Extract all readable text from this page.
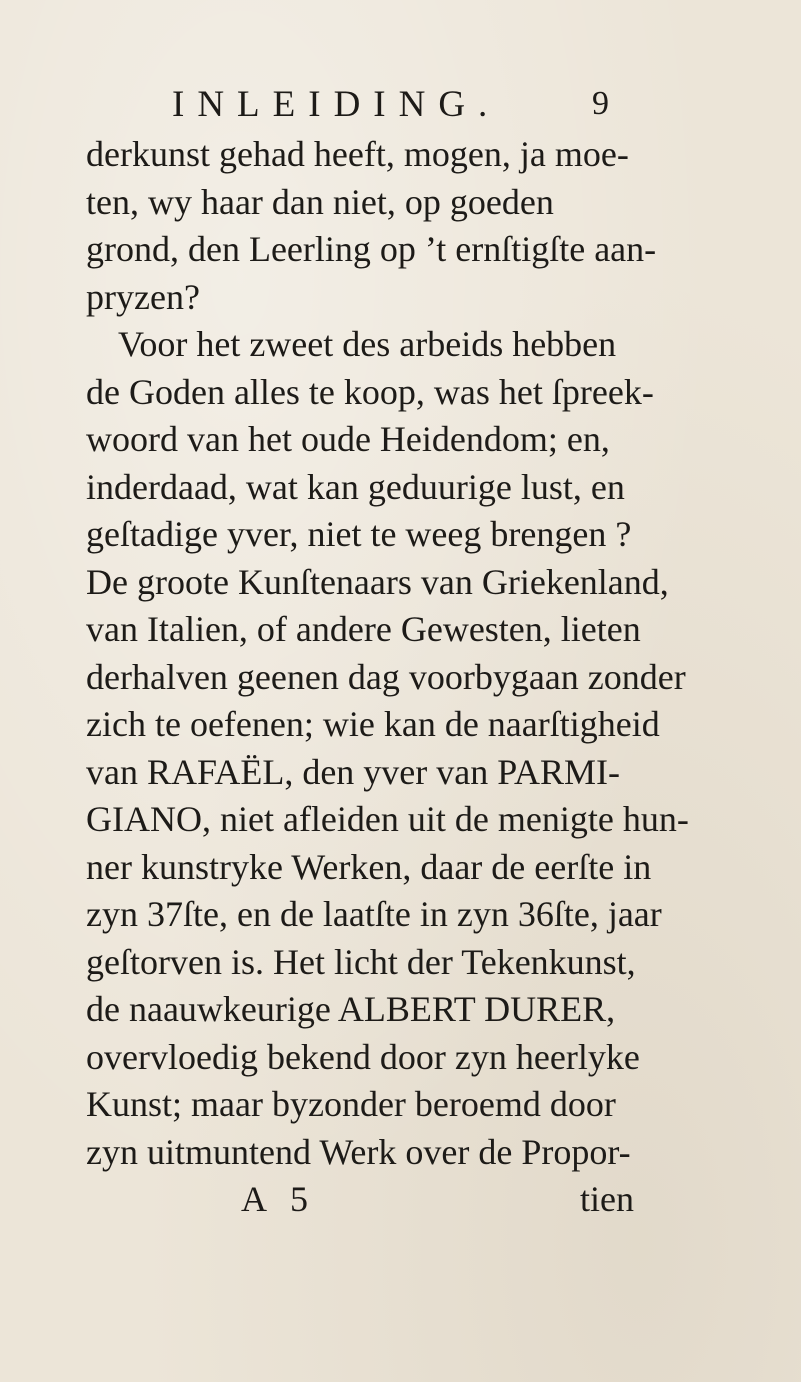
INLEIDING.	9
derkunst gehad heeft, mogen, ja moe-
ten, wy haar dan niet, op goeden
grond, den Leerling op ’t ernſtigſte aan-
pryzen?
Voor het zweet des arbeids hebben
de Goden alles te koop, was het ſpreek-
woord van het oude Heidendom; en,
inderdaad, wat kan geduurige lust, en
geſtadige yver, niet te weeg brengen ?
De groote Kunſtenaars van Griekenland,
van Italien, of andere Gewesten, lieten
derhalven geenen dag voorbygaan zonder
zich te oefenen; wie kan de naarſtigheid
van RAFAËL, den yver van PARMI-
GIANO, niet afleiden uit de menigte hun-
ner kunstryke Werken, daar de eerſte in
zyn 37ſte, en de laatſte in zyn 36ſte, jaar
geſtorven is. Het licht der Tekenkunst,
de naauwkeurige ALBERT DURER,
overvloedig bekend door zyn heerlyke
Kunst; maar byzonder beroemd door
zyn uitmuntend Werk over de Propor-
A 5	tien
